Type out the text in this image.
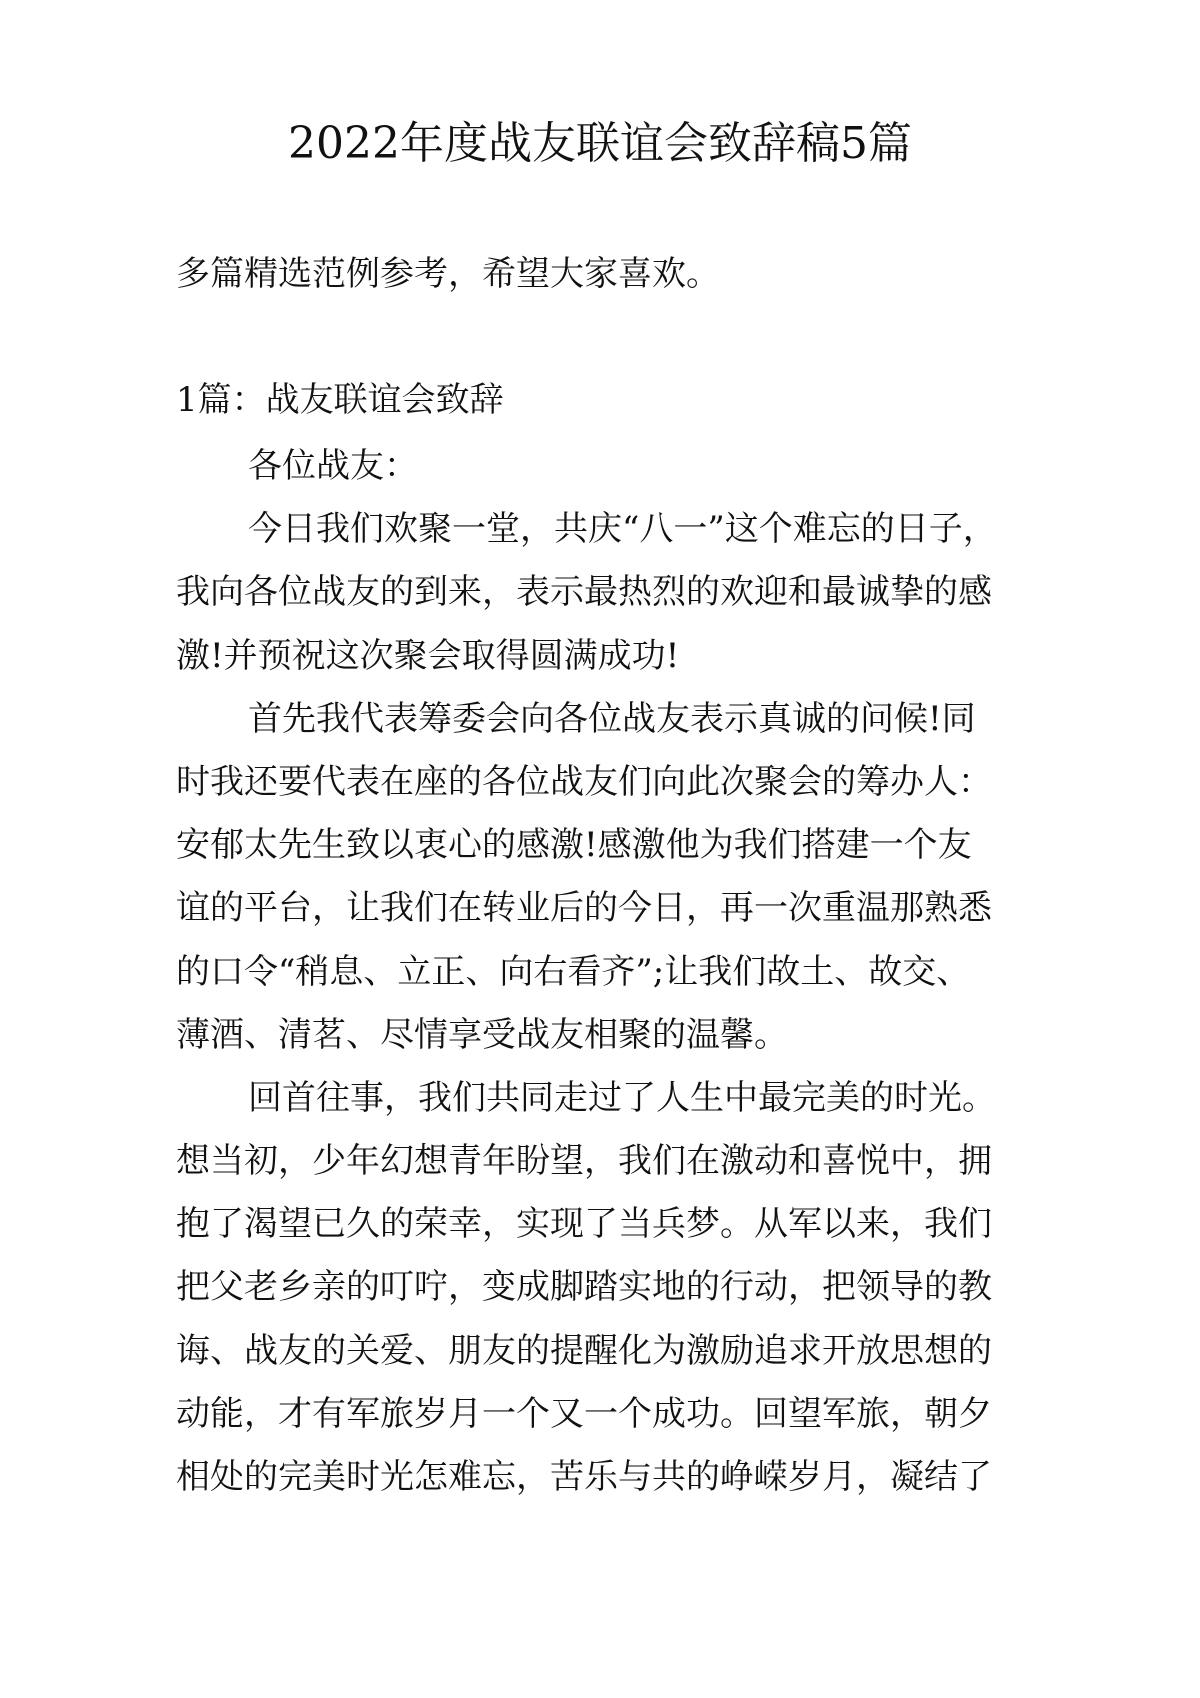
2022年度战友联谊会致辞稿5篇
多篇精选范例参考，希望大家喜欢。
1篇：战友联谊会致辞
各位战友：
今日我们欢聚一堂，共庆“八一”这个难忘的日子，
我向各位战友的到来，表示最热烈的欢迎和最诚挚的感
激!并预祝这次聚会取得圆满成功!
首先我代表筹委会向各位战友表示真诚的问候!同
时我还要代表在座的各位战友们向此次聚会的筹办人：
安郁太先生致以衷心的感激!感激他为我们搭建一个友
谊的平台，让我们在转业后的今日，再一次重温那熟悉
的口令“稍息、立正、向右看齐”;让我们故土、故交、
薄酒、清茗、尽情享受战友相聚的温馨。
回首往事，我们共同走过了人生中最完美的时光。
想当初，少年幻想青年盼望，我们在激动和喜悦中，拥
抱了渴望已久的荣幸，实现了当兵梦。从军以来，我们
把父老乡亲的叮咛，变成脚踏实地的行动，把领导的教
诲、战友的关爱、朋友的提醒化为激励追求开放思想的
动能，才有军旅岁月一个又一个成功。回望军旅，朝夕
相处的完美时光怎难忘，苦乐与共的峥嵘岁月，凝结了
